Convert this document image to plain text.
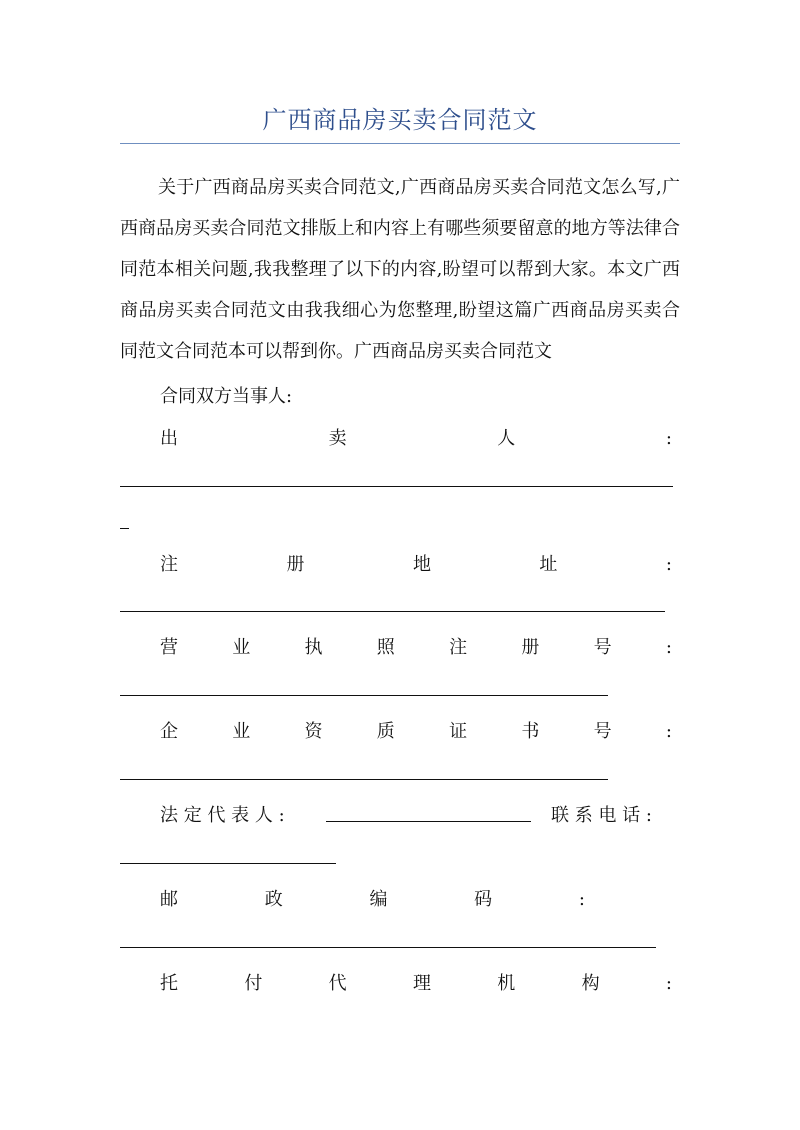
广西商品房买卖合同范文

关于广西商品房买卖合同范文,广西商品房买卖合同范文怎么写,广西商品房买卖合同范文排版上和内容上有哪些须要留意的地方等法律合同范本相关问题,我我整理了以下的内容,盼望可以帮到大家。本文广西商品房买卖合同范文由我我细心为您整理,盼望这篇广西商品房买卖合同范文合同范本可以帮到你。广西商品房买卖合同范文

合同双方当事人:
出	卖	人	:
注	册	地	址	:
营	业	执	照	注	册	号	:
企	业	资	质	证	书	号	:
法 定 代 表 人 :	联 系 电 话 :
邮	政	编	码	:
托	付	代	理	机	构	:
